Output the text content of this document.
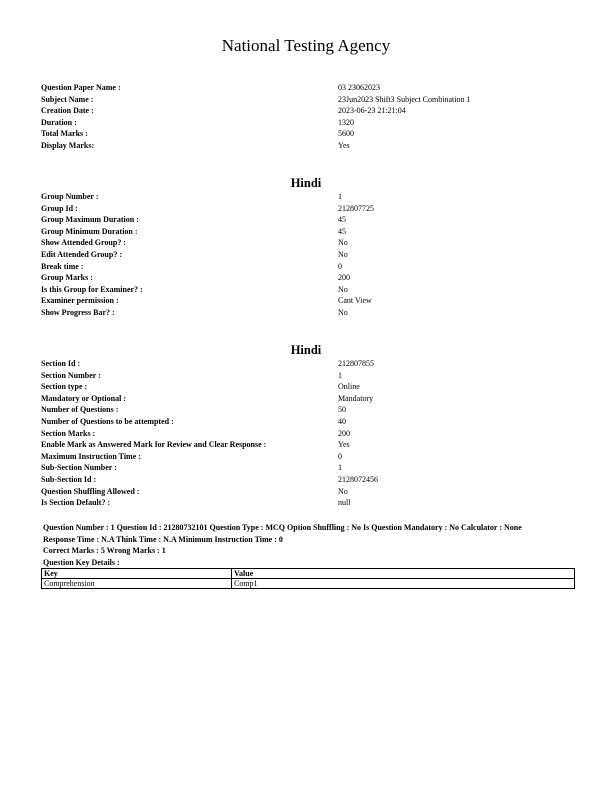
National Testing Agency
Question Paper Name :	03 23062023
Subject Name :	23Jun2023 Shift3 Subject Combination 1
Creation Date :	2023-06-23 21:21:04
Duration :	1320
Total Marks :	5600
Display Marks:	Yes
Hindi
Group Number :	1
Group Id :	212807725
Group Maximum Duration :	45
Group Minimum Duration :	45
Show Attended Group? :	No
Edit Attended Group? :	No
Break time :	0
Group Marks :	200
Is this Group for Examiner? :	No
Examiner permission :	Cant View
Show Progress Bar? :	No
Hindi
Section Id :	212807855
Section Number :	1
Section type :	Online
Mandatory or Optional :	Mandatory
Number of Questions :	50
Number of Questions to be attempted :	40
Section Marks :	200
Enable Mark as Answered Mark for Review and Clear Response :	Yes
Maximum Instruction Time :	0
Sub-Section Number :	1
Sub-Section Id :	2128072456
Question Shuffling Allowed :	No
Is Section Default? :	null
Question Number : 1 Question Id : 21280732101 Question Type : MCQ Option Shuffling : No Is Question Mandatory : No Calculator : None
Response Time : N.A Think Time : N.A Minimum Instruction Time : 0
Correct Marks : 5 Wrong Marks : 1
Question Key Details :
Key	Value
Comprehension	Comp1
